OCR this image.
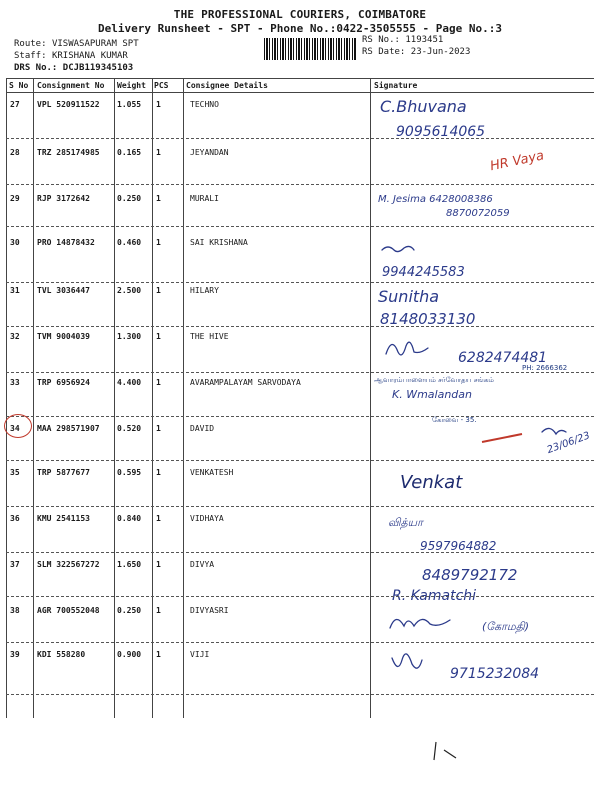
THE PROFESSIONAL COURIERS, COIMBATORE
Delivery Runsheet - SPT - Phone No.:0422-3505555 - Page No.:3
Route: VISWASAPURAM SPT
Staff: KRISHANA KUMAR
DRS No.: DCJB119345103
RS No.: 1193451
RS Date: 23-Jun-2023
S No Consignment No Weight PCS Consignee Details	Signature
27 VPL 520911522 1.055 1	TECHNO	C.Bhuvana
9095614065
28 TRZ 285174985 0.165 1	JEYANDAN	HR Vaya
29 RJP 3172642	0.250 1	MURALI	M. Jesima 6428008386
8870072059
30 PRO 14878432	0.460 1	SAI KRISHANA
9944245583
31 TVL 3036447	2.500 1	HILARY	Sunitha
8148033130
32 TVM 9004039	1.300 1	THE HIVE
6282474481
33 TRP 6956924	4.400 1	AVARAMPALAYAM SARVODAYA
PH: 2666362
ஆவாரம்பாளையம் சர்வோதய சங்கம்
K. Wmalandan
கோவை - 35.
34 MAA 298571907 0.520 1	DAVID
23/06/23
35 TRP 5877677	0.595 1	VENKATESH	Venkat
36 KMU 2541153	0.840 1	VIDHAYA	வித்யா
9597964882
37 SLM 322567272 1.650 1	DIVYA
8489792172
R. Kamatchi
38 AGR 700552048 0.250 1	DIVYASRI
(கோமதி)
39 KDI 558280	0.900 1	VIJI
9715232084
